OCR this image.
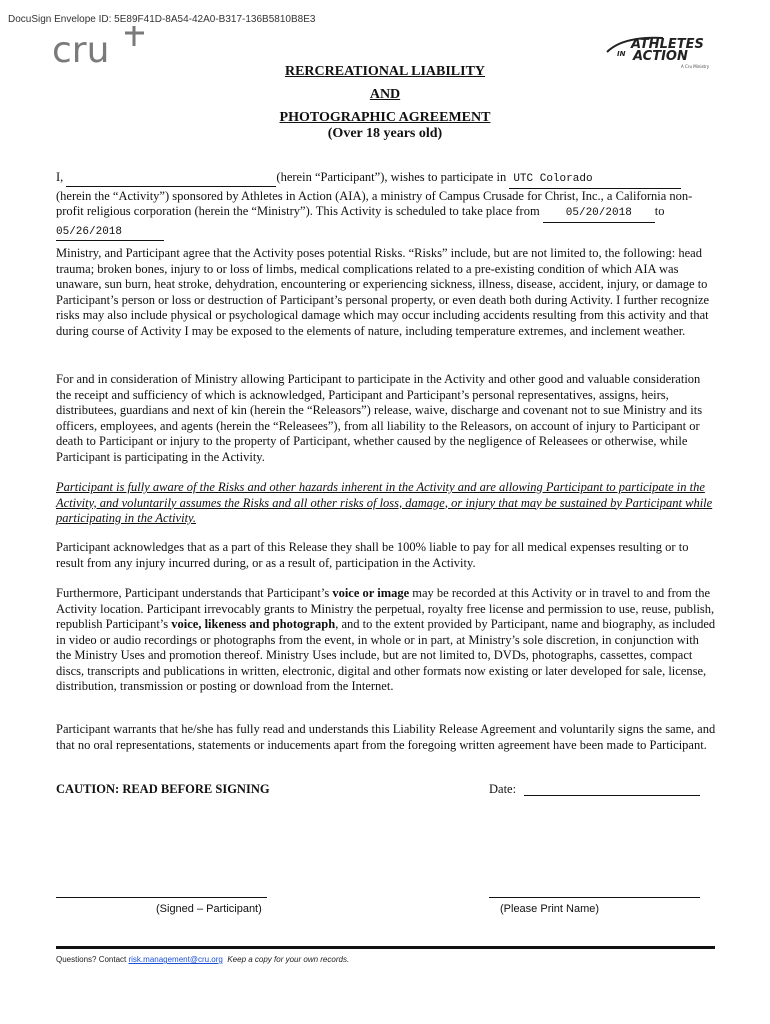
DocuSign Envelope ID: 5E89F41D-8A54-42A0-B317-136B5810B8E3
cru	ATHLETES
IN ACTION
A Cru Ministry
RERCREATIONAL LIABILITY
AND
PHOTOGRAPHIC AGREEMENT
(Over 18 years old)
I,	(herein “Participant”), wishes to participate in UTC Colorado (herein the “Activity”) sponsored by Athletes in Action (AIA), a ministry of Campus Crusade for Christ, Inc., a California non-profit religious corporation (herein the “Ministry”). This Activity is scheduled to take place from 05/20/2018 to 05/26/2018
Ministry, and Participant agree that the Activity poses potential Risks. “Risks” include, but are not limited to, the following: head trauma; broken bones, injury to or loss of limbs, medical complications related to a pre-existing condition of which AIA was unaware, sun burn, heat stroke, dehydration, encountering or experiencing sickness, illness, disease, accident, injury, or damage to Participant’s person or loss or destruction of Participant’s personal property, or even death both during Activity. I further recognize risks may also include physical or psychological damage which may occur including accidents resulting from this activity and that during course of Activity I may be exposed to the elements of nature, including temperature extremes, and inclement weather.
For and in consideration of Ministry allowing Participant to participate in the Activity and other good and valuable consideration the receipt and sufficiency of which is acknowledged, Participant and Participant’s personal representatives, assigns, heirs, distributees, guardians and next of kin (herein the “Releasors”) release, waive, discharge and covenant not to sue Ministry and its officers, employees, and agents (herein the “Releasees”), from all liability to the Releasors, on account of injury to Participant or death to Participant or injury to the property of Participant, whether caused by the negligence of Releasees or otherwise, while Participant is participating in the Activity.
Participant is fully aware of the Risks and other hazards inherent in the Activity and are allowing Participant to participate in the Activity, and voluntarily assumes the Risks and all other risks of loss, damage, or injury that may be sustained by Participant while participating in the Activity.
Participant acknowledges that as a part of this Release they shall be 100% liable to pay for all medical expenses resulting or to result from any injury incurred during, or as a result of, participation in the Activity.
Furthermore, Participant understands that Participant’s voice or image may be recorded at this Activity or in travel to and from the Activity location. Participant irrevocably grants to Ministry the perpetual, royalty free license and permission to use, reuse, publish, republish Participant’s voice, likeness and photograph, and to the extent provided by Participant, name and biography, as included in video or audio recordings or photographs from the event, in whole or in part, at Ministry’s sole discretion, in conjunction with the Ministry Uses and promotion thereof. Ministry Uses include, but are not limited to, DVDs, photographs, cassettes, compact discs, transcripts and publications in written, electronic, digital and other formats now existing or later developed for sale, license, distribution, transmission or posting or download from the Internet.
Participant warrants that he/she has fully read and understands this Liability Release Agreement and voluntarily signs the same, and that no oral representations, statements or inducements apart from the foregoing written agreement have been made to Participant.
CAUTION: READ BEFORE SIGNING	Date:
(Signed – Participant)	(Please Print Name)
Questions? Contact risk.management@cru.org Keep a copy for your own records.
